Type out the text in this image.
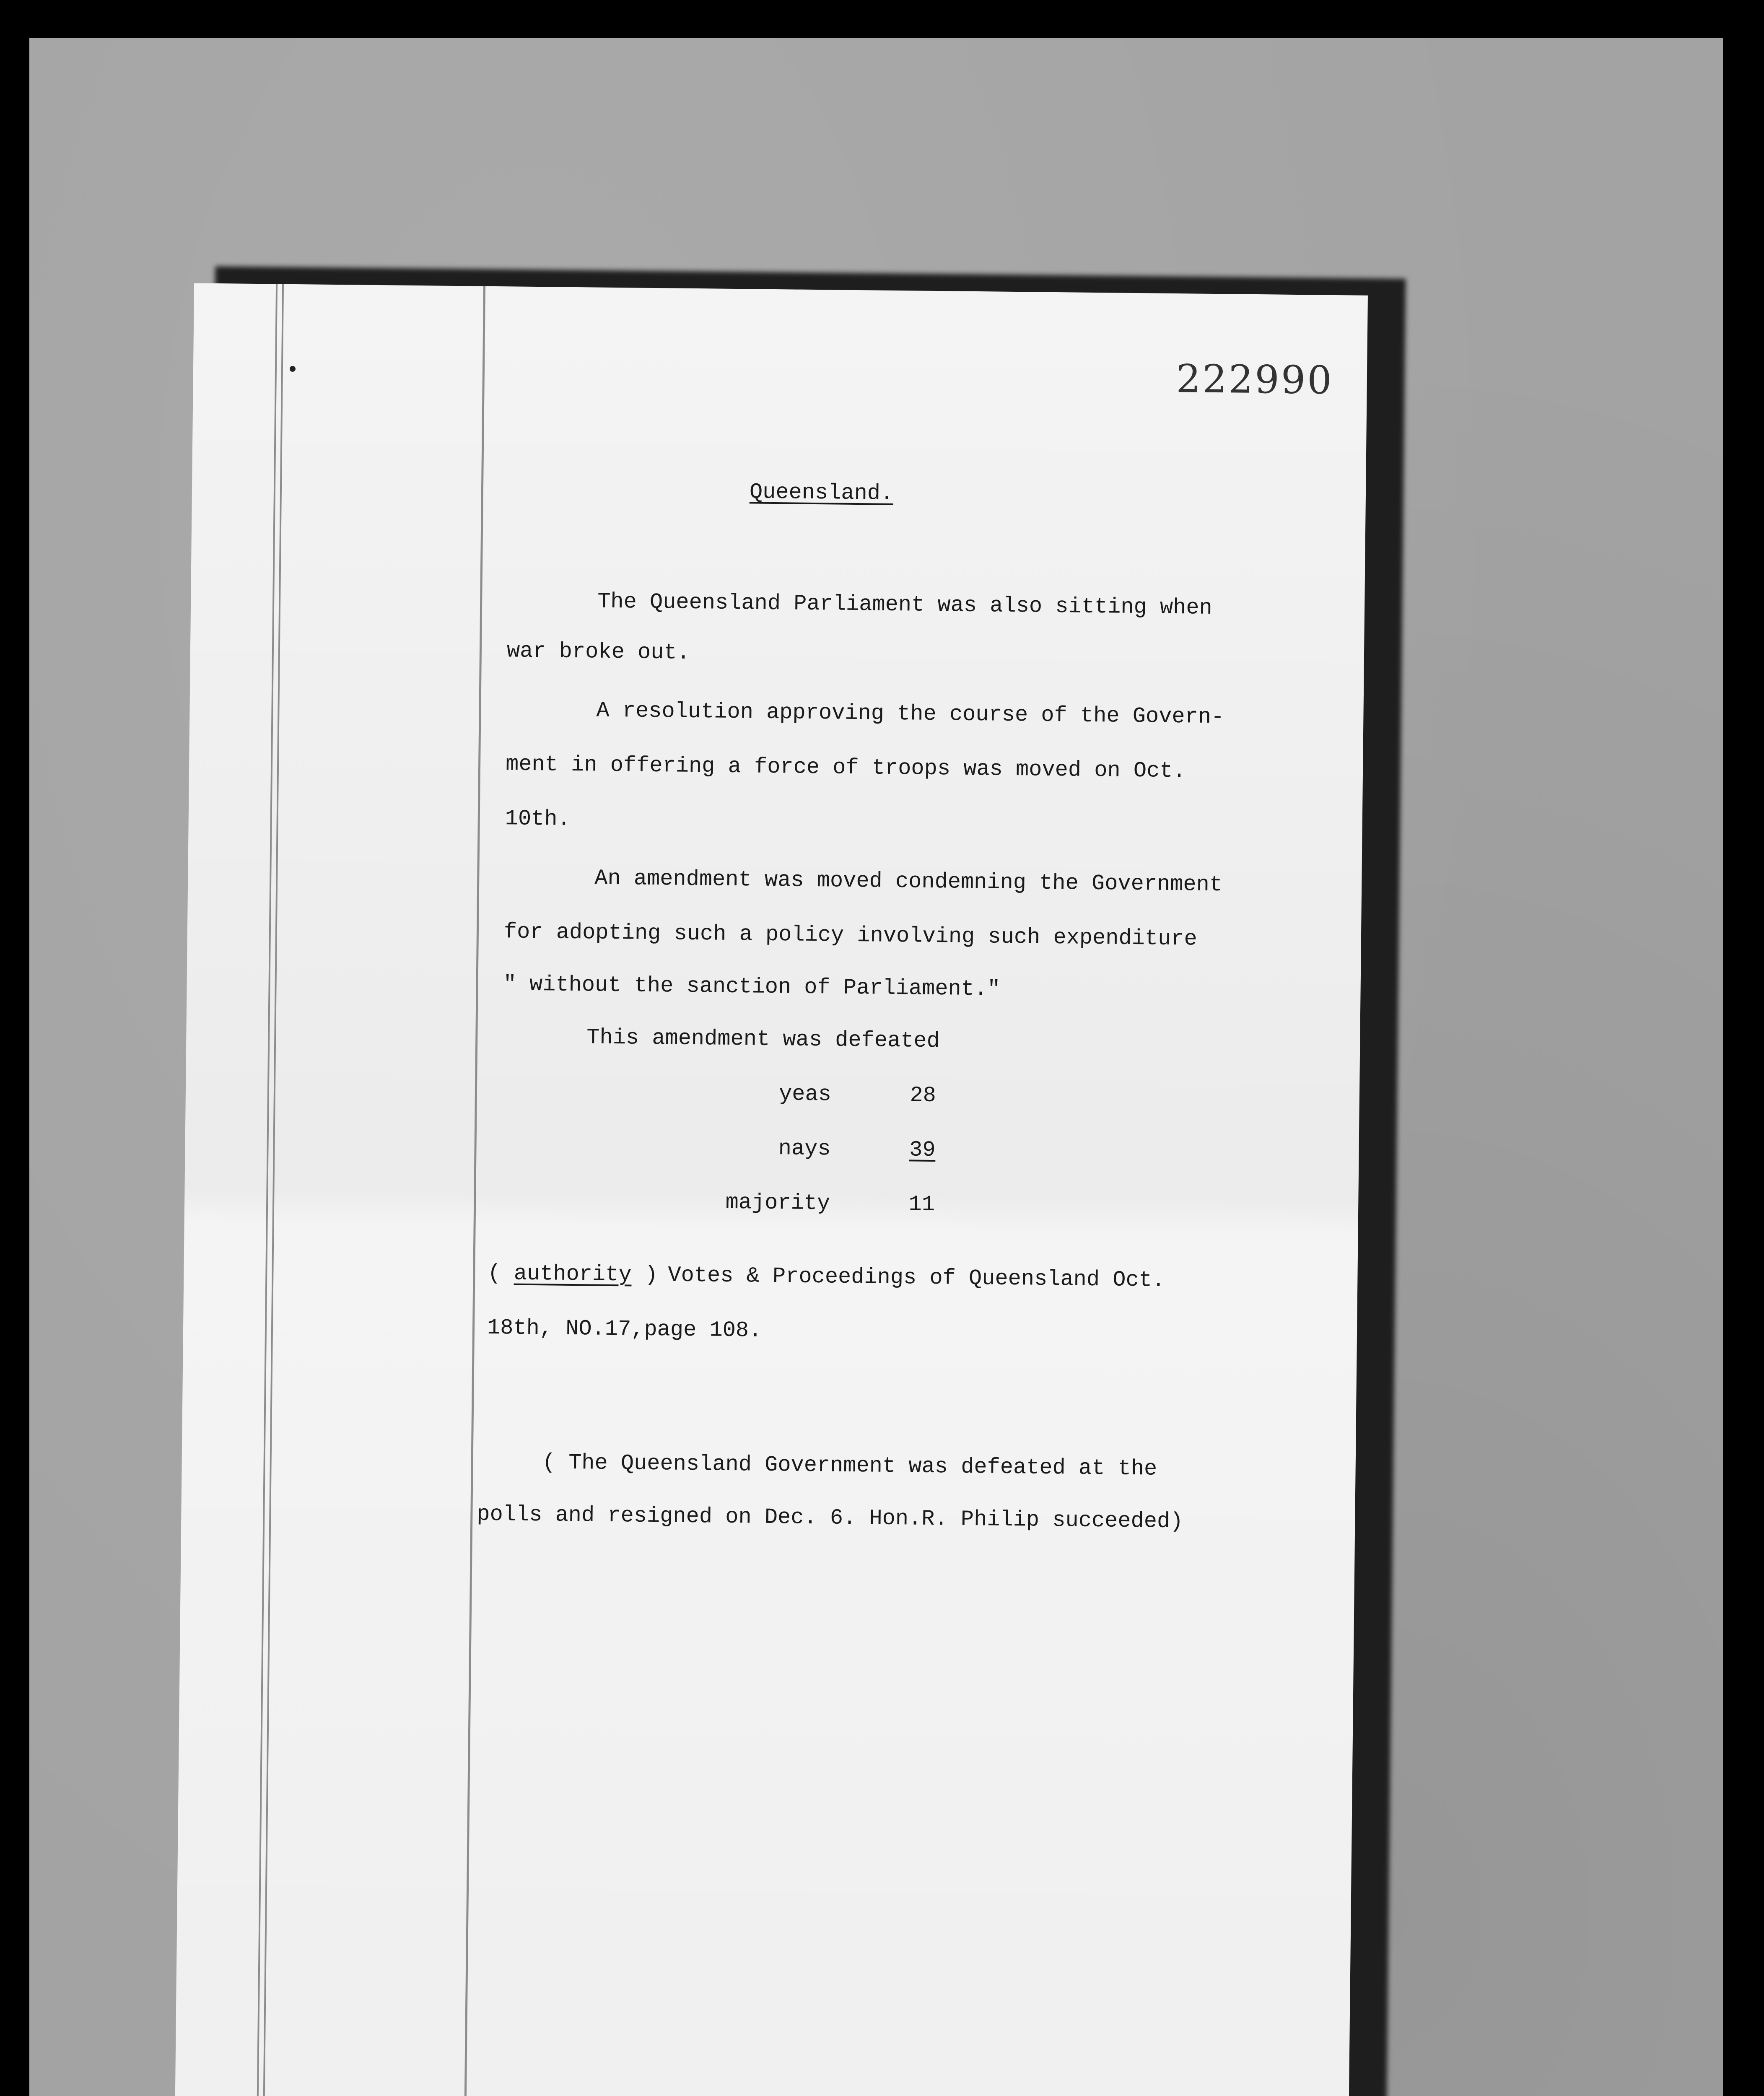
222990
Queensland.
The Queensland Parliament was also sitting when
war broke out.
A resolution approving the course of the Govern-
ment in offering a force of troops was moved on Oct.
10th.
An amendment was moved condemning the Government
for adopting such a policy involving such expenditure
" without the sanction of Parliament."
This amendment was defeated
yeas	28
nays	39
majority	11
( authority ) Votes & Proceedings of Queensland Oct.
18th, NO.17,page 108.
( The Queensland Government was defeated at the
polls and resigned on Dec. 6. Hon.R. Philip succeeded)
